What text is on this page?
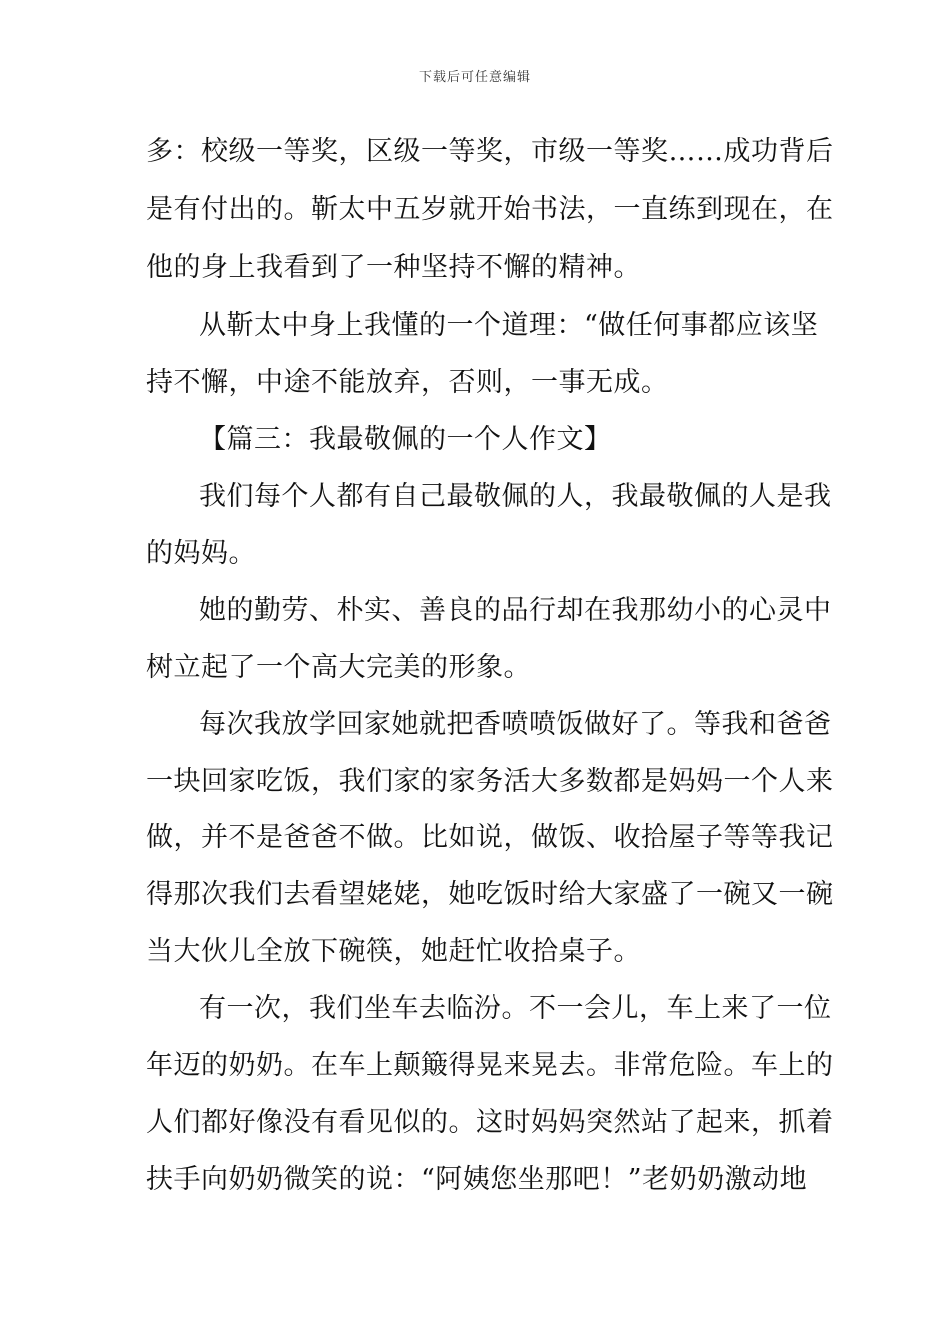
下载后可任意编辑
多：校级一等奖，区级一等奖，市级一等奖……成功背后
是有付出的。靳太中五岁就开始书法，一直练到现在，在
他的身上我看到了一种坚持不懈的精神。
从靳太中身上我懂的一个道理：“做任何事都应该坚
持不懈，中途不能放弃，否则，一事无成。
【篇三：我最敬佩的一个人作文】
我们每个人都有自己最敬佩的人，我最敬佩的人是我
的妈妈。
她的勤劳、朴实、善良的品行却在我那幼小的心灵中
树立起了一个高大完美的形象。
每次我放学回家她就把香喷喷饭做好了。等我和爸爸
一块回家吃饭，我们家的家务活大多数都是妈妈一个人来
做，并不是爸爸不做。比如说，做饭、收拾屋子等等我记
得那次我们去看望姥姥，她吃饭时给大家盛了一碗又一碗
当大伙儿全放下碗筷，她赶忙收拾桌子。
有一次，我们坐车去临汾。不一会儿，车上来了一位
年迈的奶奶。在车上颠簸得晃来晃去。非常危险。车上的
人们都好像没有看见似的。这时妈妈突然站了起来，抓着
扶手向奶奶微笑的说：“阿姨您坐那吧！”老奶奶激动地
